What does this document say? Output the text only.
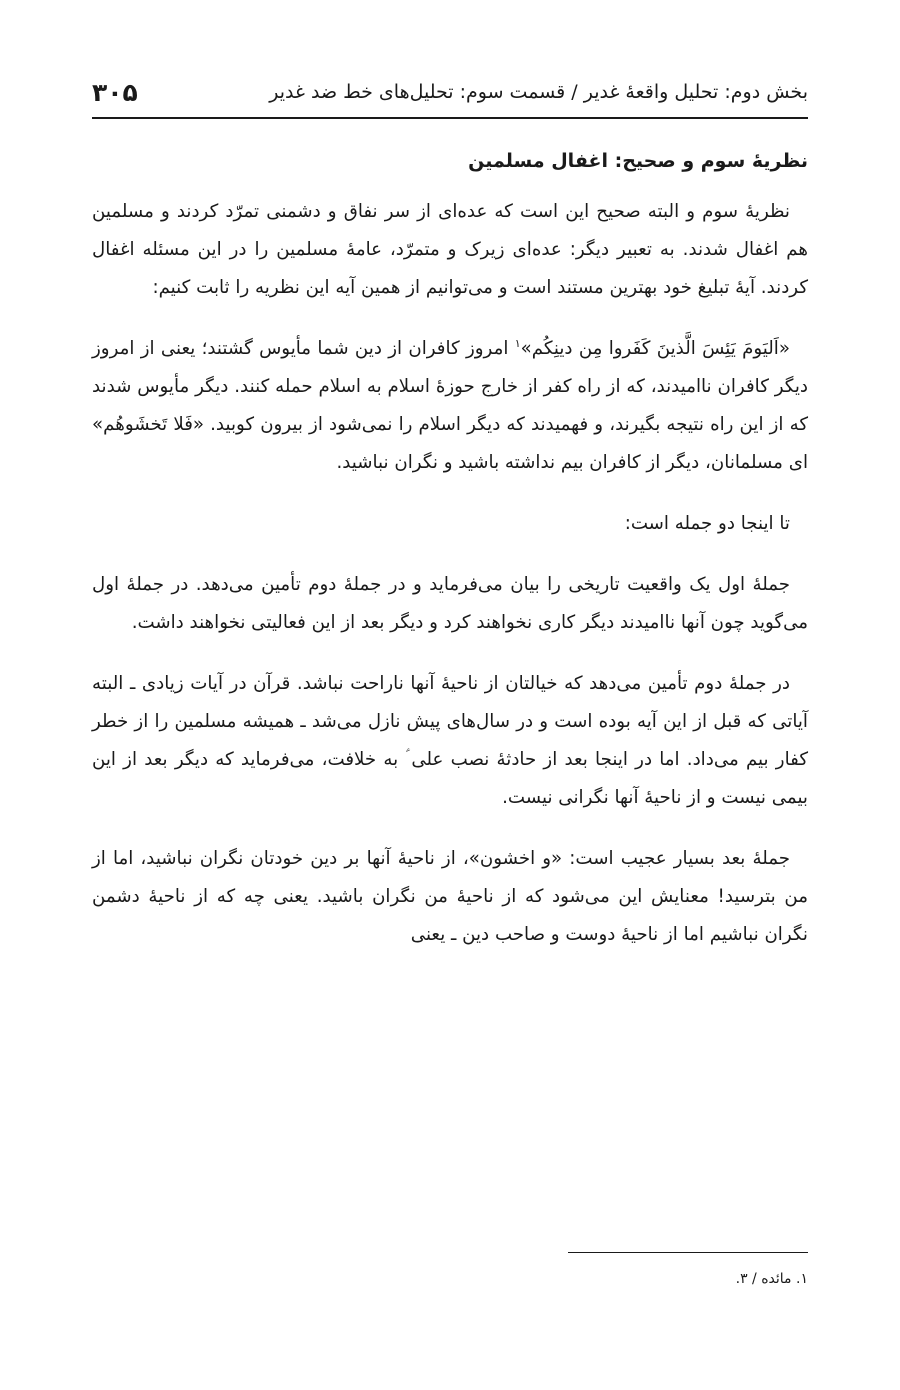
بخش دوم: تحلیل واقعهٔ غدیر / قسمت سوم: تحلیل‌های خط ضد غدیر
۳۰۵
نظریهٔ سوم و صحیح: اغفال مسلمین

نظریهٔ سوم و البته صحیح این است که عده‌ای از سر نفاق و دشمنی تمرّد کردند و مسلمین هم اغفال شدند. به تعبیر دیگر: عده‌ای زیرک و متمرّد، عامهٔ مسلمین را در این مسئله اغفال کردند. آیهٔ تبلیغ خود بهترین مستند است و می‌توانیم از همین آیه این نظریه را ثابت کنیم:

«اَلیَومَ یَئِسَ الَّذینَ کَفَروا مِن دینِکُم»$^۱$ امروز کافران از دین شما مأیوس گشتند؛ یعنی از امروز دیگر کافران ناامیدند، که از راه کفر از خارج حوزهٔ اسلام به اسلام حمله کنند. دیگر مأیوس شدند که از این راه نتیجه بگیرند، و فهمیدند که دیگر اسلام را نمی‌شود از بیرون کوبید. «فَلا تَخشَوهُم» ای مسلمانان، دیگر از کافران بیم نداشته باشید و نگران نباشید.

تا اینجا دو جمله است:

جملهٔ اول یک واقعیت تاریخی را بیان می‌فرماید و در جملهٔ دوم تأمین می‌دهد. در جملهٔ اول می‌گوید چون آنها ناامیدند دیگر کاری نخواهند کرد و دیگر بعد از این فعالیتی نخواهند داشت.

در جملهٔ دوم تأمین می‌دهد که خیالتان از ناحیهٔ آنها ناراحت نباشد. قرآن در آیات زیادی ـ البته آیاتی که قبل از این آیه بوده است و در سال‌های پیش نازل می‌شد ـ همیشه مسلمین را از خطر کفار بیم می‌داد. اما در اینجا بعد از حادثهٔ نصب علی ؑ به خلافت، می‌فرماید که دیگر بعد از این بیمی نیست و از ناحیهٔ آنها نگرانی نیست.

جملهٔ بعد بسیار عجیب است: «و اخشون»، از ناحیهٔ آنها بر دین خودتان نگران نباشید، اما از من بترسید! معنایش این می‌شود که از ناحیهٔ من نگران باشید. یعنی چه که از ناحیهٔ دشمن نگران نباشیم اما از ناحیهٔ دوست و صاحب دین ـ یعنی

۱. مائده / ۳.
